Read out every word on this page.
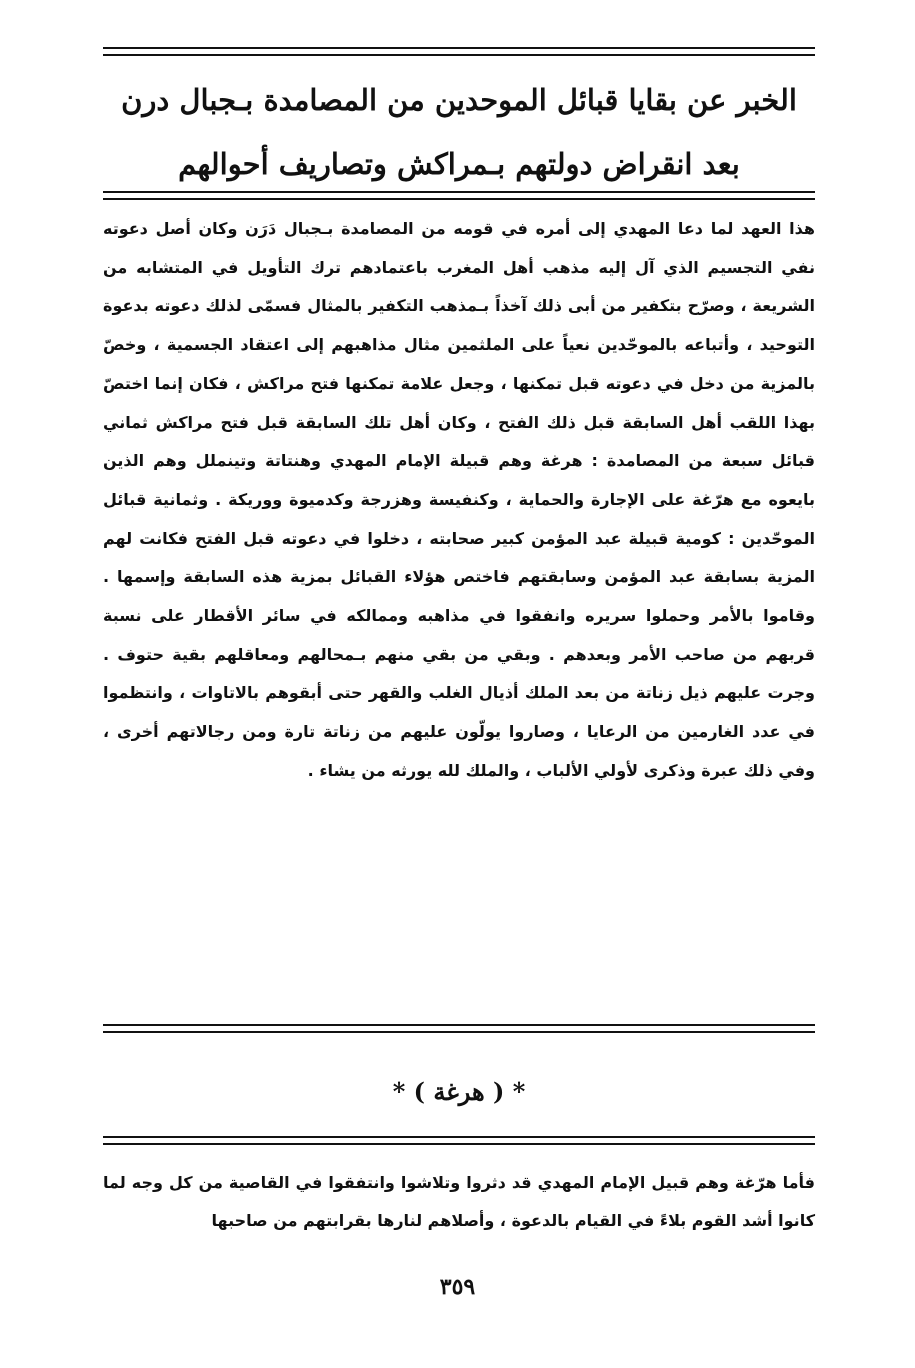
الخبر عن بقايا قبائل الموحدين من المصامدة بـجبال درن
بعد انقراض دولتهم بـمراكش وتصاريف أحوالهم
هذا العهد لما دعا المهدي إلى أمره في قومه من المصامدة بـجبال دَرَن وكان أصل دعوته نفي التجسيم الذي آل إليه مذهب أهل المغرب باعتمادهم ترك التأويل في المتشابه من الشريعة ، وصرّح بتكفير من أبى ذلك آخذاً بـمذهب التكفير بالمثال فسمّى لذلك دعوته بدعوة التوحيد ، وأتباعه بالموحّدين نعياً على الملثمين مثال مذاهبهم إلى اعتقاد الجسمية ، وخصّ بالمزية من دخل في دعوته قبل تمكنها ، وجعل علامة تمكنها فتح مراكش ، فكان إنما اختصّ بهذا اللقب أهل السابقة قبل ذلك الفتح ، وكان أهل تلك السابقة قبل فتح مراكش ثماني قبائل سبعة من المصامدة : هرغة وهم قبيلة الإمام المهدي وهنتاتة وتينملل وهم الذين بايعوه مع هرّغة على الإجارة والحماية ، وكنفيسة وهزرجة وكدميوة ووريكة . وثمانية قبائل الموحّدين : كومية قبيلة عبد المؤمن كبير صحابته ، دخلوا في دعوته قبل الفتح فكانت لهم المزية بسابقة عبد المؤمن وسابقتهم فاختص هؤلاء القبائل بمزية هذه السابقة وإسمها . وقاموا بالأمر وحملوا سريره وانفقوا في مذاهبه وممالكه في سائر الأقطار على نسبة قربهم من صاحب الأمر وبعدهم . وبقي من بقي منهم بـمحالهم ومعاقلهم بقية حتوف . وجرت عليهم ذيل زناتة من بعد الملك أذيال الغلب والقهر حتى أبقوهم بالاتاوات ، وانتظموا في عدد الغارمين من الرعايا ، وصاروا يولّون عليهم من زناتة تارة ومن رجالاتهم أخرى ، وفي ذلك عبرة وذكرى لأولي الألباب ، والملك لله يورثه من يشاء .
* ( هرغة ) *
فأما هرّغة وهم قبيل الإمام المهدي قد دثروا وتلاشوا وانتفقوا في القاصية من كل وجه لما كانوا أشد القوم بلاءً في القيام بالدعوة ، وأصلاهم لنارها بقرابتهم من صاحبها
٣٥٩
